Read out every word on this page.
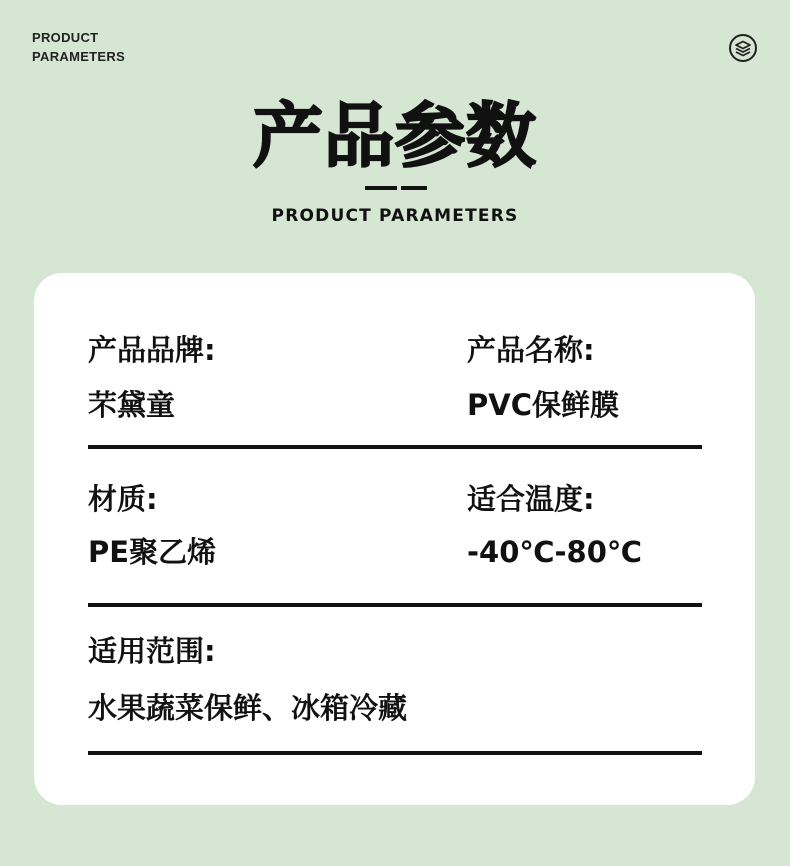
PRODUCT
PARAMETERS
产品参数
PRODUCT PARAMETERS
产品品牌:
芣黛童
产品名称:
PVC保鲜膜
材质:
PE聚乙烯
适合温度:
-40℃-80℃
适用范围:
水果蔬菜保鲜、冰箱冷藏
